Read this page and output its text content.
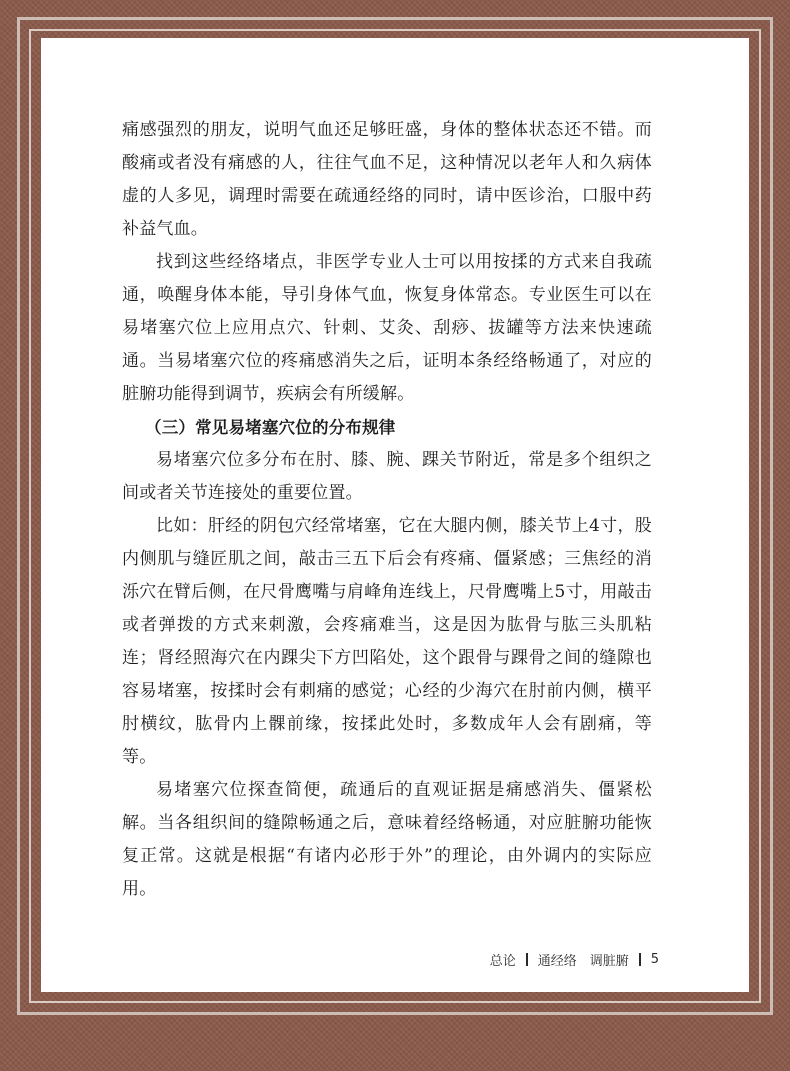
痛感强烈的朋友，说明气血还足够旺盛，身体的整体状态还不错。而酸痛或者没有痛感的人，往往气血不足，这种情况以老年人和久病体虚的人多见，调理时需要在疏通经络的同时，请中医诊治，口服中药补益气血。

找到这些经络堵点，非医学专业人士可以用按揉的方式来自我疏通，唤醒身体本能，导引身体气血，恢复身体常态。专业医生可以在易堵塞穴位上应用点穴、针刺、艾灸、刮痧、拔罐等方法来快速疏通。当易堵塞穴位的疼痛感消失之后，证明本条经络畅通了，对应的脏腑功能得到调节，疾病会有所缓解。

（三）常见易堵塞穴位的分布规律

易堵塞穴位多分布在肘、膝、腕、踝关节附近，常是多个组织之间或者关节连接处的重要位置。

比如：肝经的阴包穴经常堵塞，它在大腿内侧，膝关节上4寸，股内侧肌与缝匠肌之间，敲击三五下后会有疼痛、僵紧感；三焦经的消泺穴在臂后侧，在尺骨鹰嘴与肩峰角连线上，尺骨鹰嘴上5寸，用敲击或者弹拨的方式来刺激，会疼痛难当，这是因为肱骨与肱三头肌粘连；肾经照海穴在内踝尖下方凹陷处，这个跟骨与踝骨之间的缝隙也容易堵塞，按揉时会有刺痛的感觉；心经的少海穴在肘前内侧，横平肘横纹，肱骨内上髁前缘，按揉此处时，多数成年人会有剧痛，等等。

易堵塞穴位探查简便，疏通后的直观证据是痛感消失、僵紧松解。当各组织间的缝隙畅通之后，意味着经络畅通，对应脏腑功能恢复正常。这就是根据“有诸内必形于外”的理论，由外调内的实际应用。

总论 通经络　调脏腑 5
